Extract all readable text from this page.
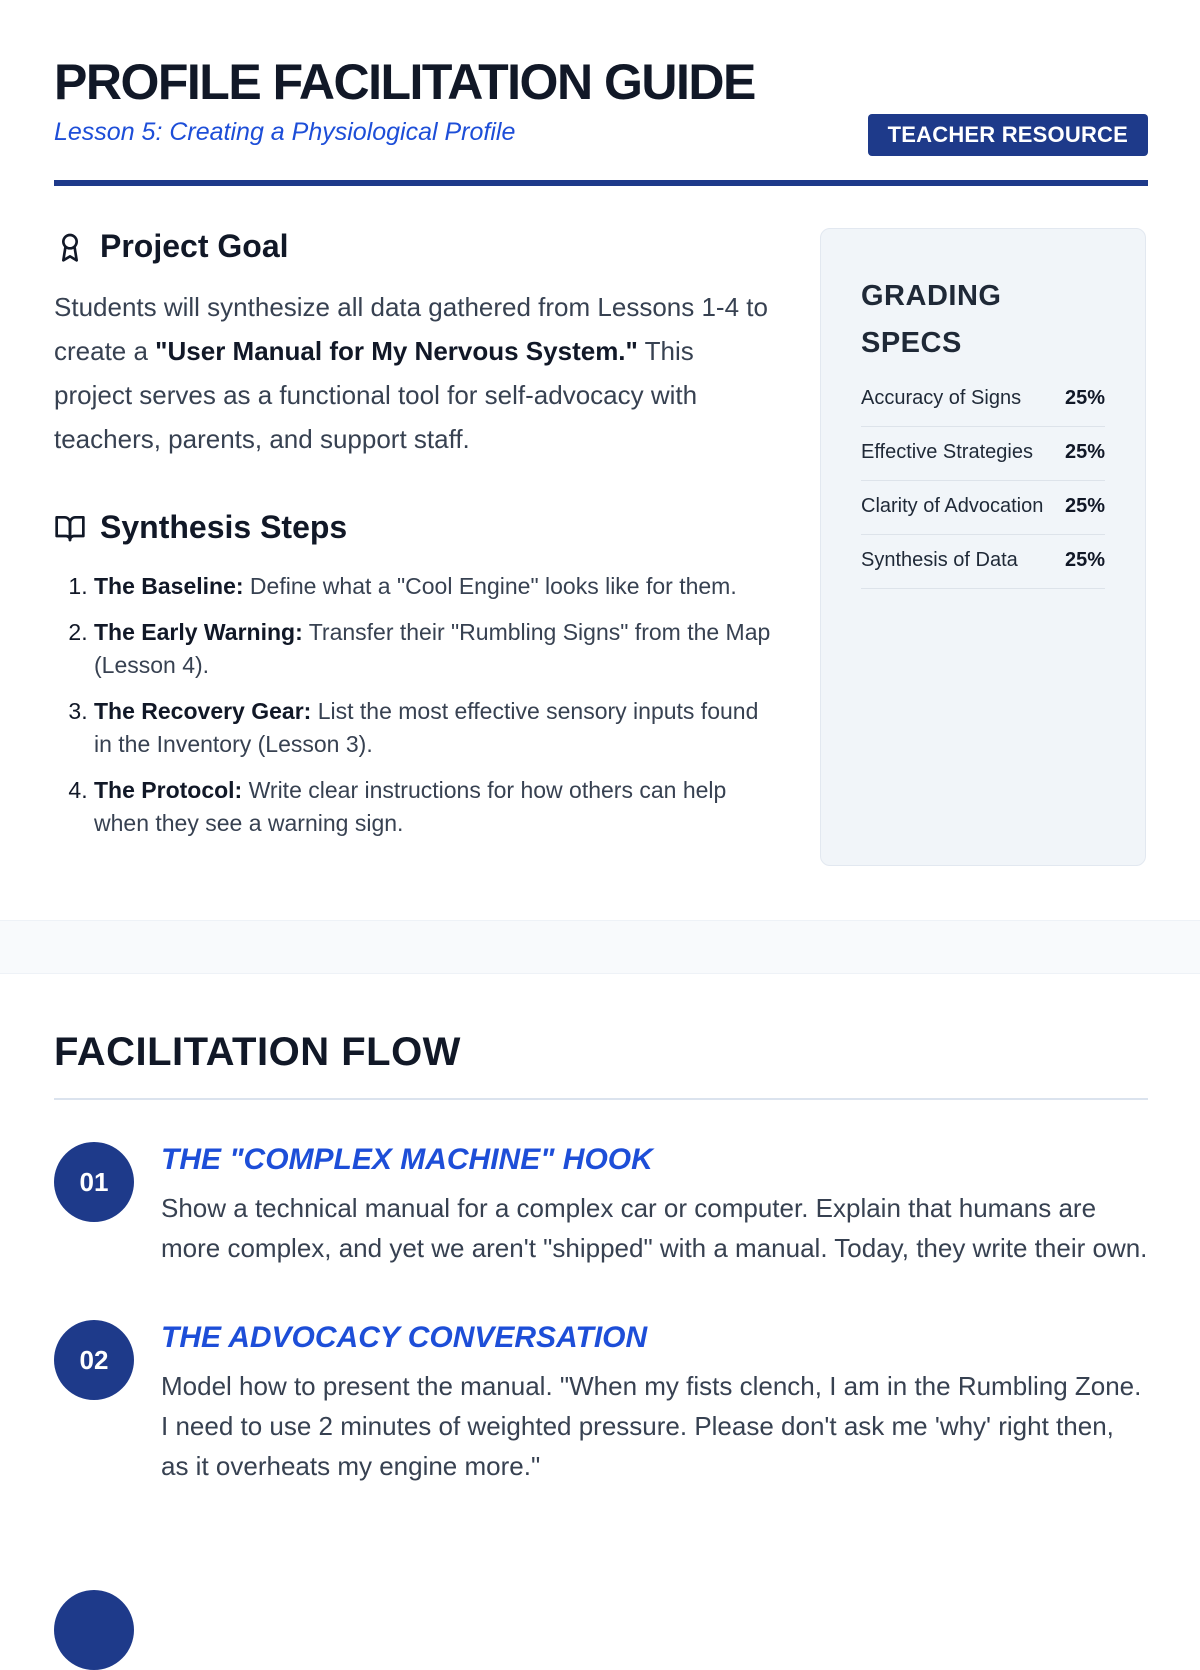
PROFILE FACILITATION GUIDE
Lesson 5: Creating a Physiological Profile	TEACHER RESOURCE
Project Goal

Students will synthesize all data gathered from Lessons 1-4 to create a "User Manual for My Nervous System." This project serves as a functional tool for self-advocacy with teachers, parents, and support staff.

Synthesis Steps
1. The Baseline: Define what a "Cool Engine" looks like for them.
2. The Early Warning: Transfer their "Rumbling Signs" from the Map (Lesson 4).
3. The Recovery Gear: List the most effective sensory inputs found in the Inventory (Lesson 3).
4. The Protocol: Write clear instructions for how others can help when they see a warning sign.
GRADING SPECS
Accuracy of Signs 25%
Effective Strategies 25%
Clarity of Advocation 25%
Synthesis of Data 25%
FACILITATION FLOW
01
THE "COMPLEX MACHINE" HOOK

Show a technical manual for a complex car or computer. Explain that humans are more complex, and yet we aren't "shipped" with a manual. Today, they write their own.

02
THE ADVOCACY CONVERSATION

Model how to present the manual. "When my fists clench, I am in the Rumbling Zone. I need to use 2 minutes of weighted pressure. Please don't ask me 'why' right then, as it overheats my engine more."
